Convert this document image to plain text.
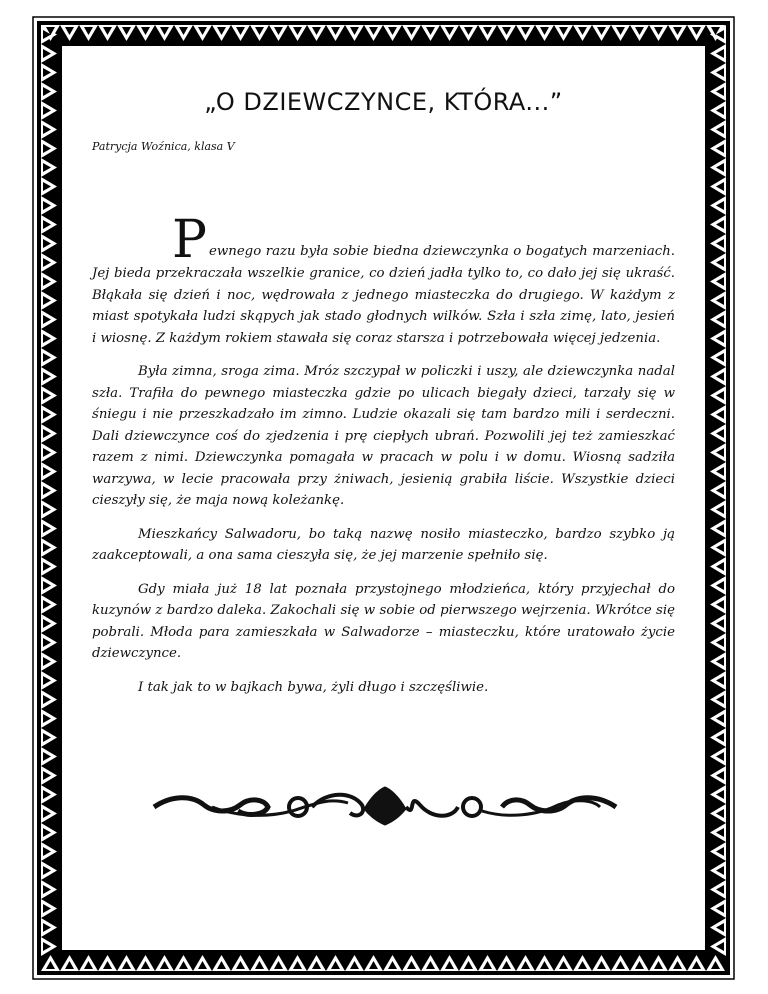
„O DZIEWCZYNCE, KTÓRA...”

Patrycja Woźnica, klasa V

Pewnego razu była sobie biedna dziewczynka o bogatych marzeniach. Jej bieda przekraczała wszelkie granice, co dzień jadła tylko to, co dało jej się ukraść. Błąkała się dzień i noc, wędrowała z jednego miasteczka do drugiego. W każdym z miast spotykała ludzi skąpych jak stado głodnych wilków. Szła i szła zimę, lato, jesień i wiosnę. Z każdym rokiem stawała się coraz starsza i potrzebowała więcej jedzenia.

Była zimna, sroga zima. Mróz szczypał w policzki i uszy, ale dziewczynka nadal szła. Trafiła do pewnego miasteczka gdzie po ulicach biegały dzieci, tarzały się w śniegu i nie przeszkadzało im zimno. Ludzie okazali się tam bardzo mili i serdeczni. Dali dziewczynce coś do zjedzenia i prę ciepłych ubrań. Pozwolili jej też zamieszkać razem z nimi. Dziewczynka pomagała w pracach w polu i w domu. Wiosną sadziła warzywa, w lecie pracowała przy żniwach, jesienią grabiła liście. Wszystkie dzieci cieszyły się, że maja nową koleżankę.

Mieszkańcy Salwadoru, bo taką nazwę nosiło miasteczko, bardzo szybko ją zaakceptowali, a ona sama cieszyła się, że jej marzenie spełniło się.

Gdy miała już 18 lat poznała przystojnego młodzieńca, który przyjechał do kuzynów z bardzo daleka. Zakochali się w sobie od pierwszego wejrzenia. Wkrótce się pobrali. Młoda para zamieszkała w Salwadorze – miasteczku, które uratowało życie dziewczynce.

I tak jak to w bajkach bywa, żyli długo i szczęśliwie.
